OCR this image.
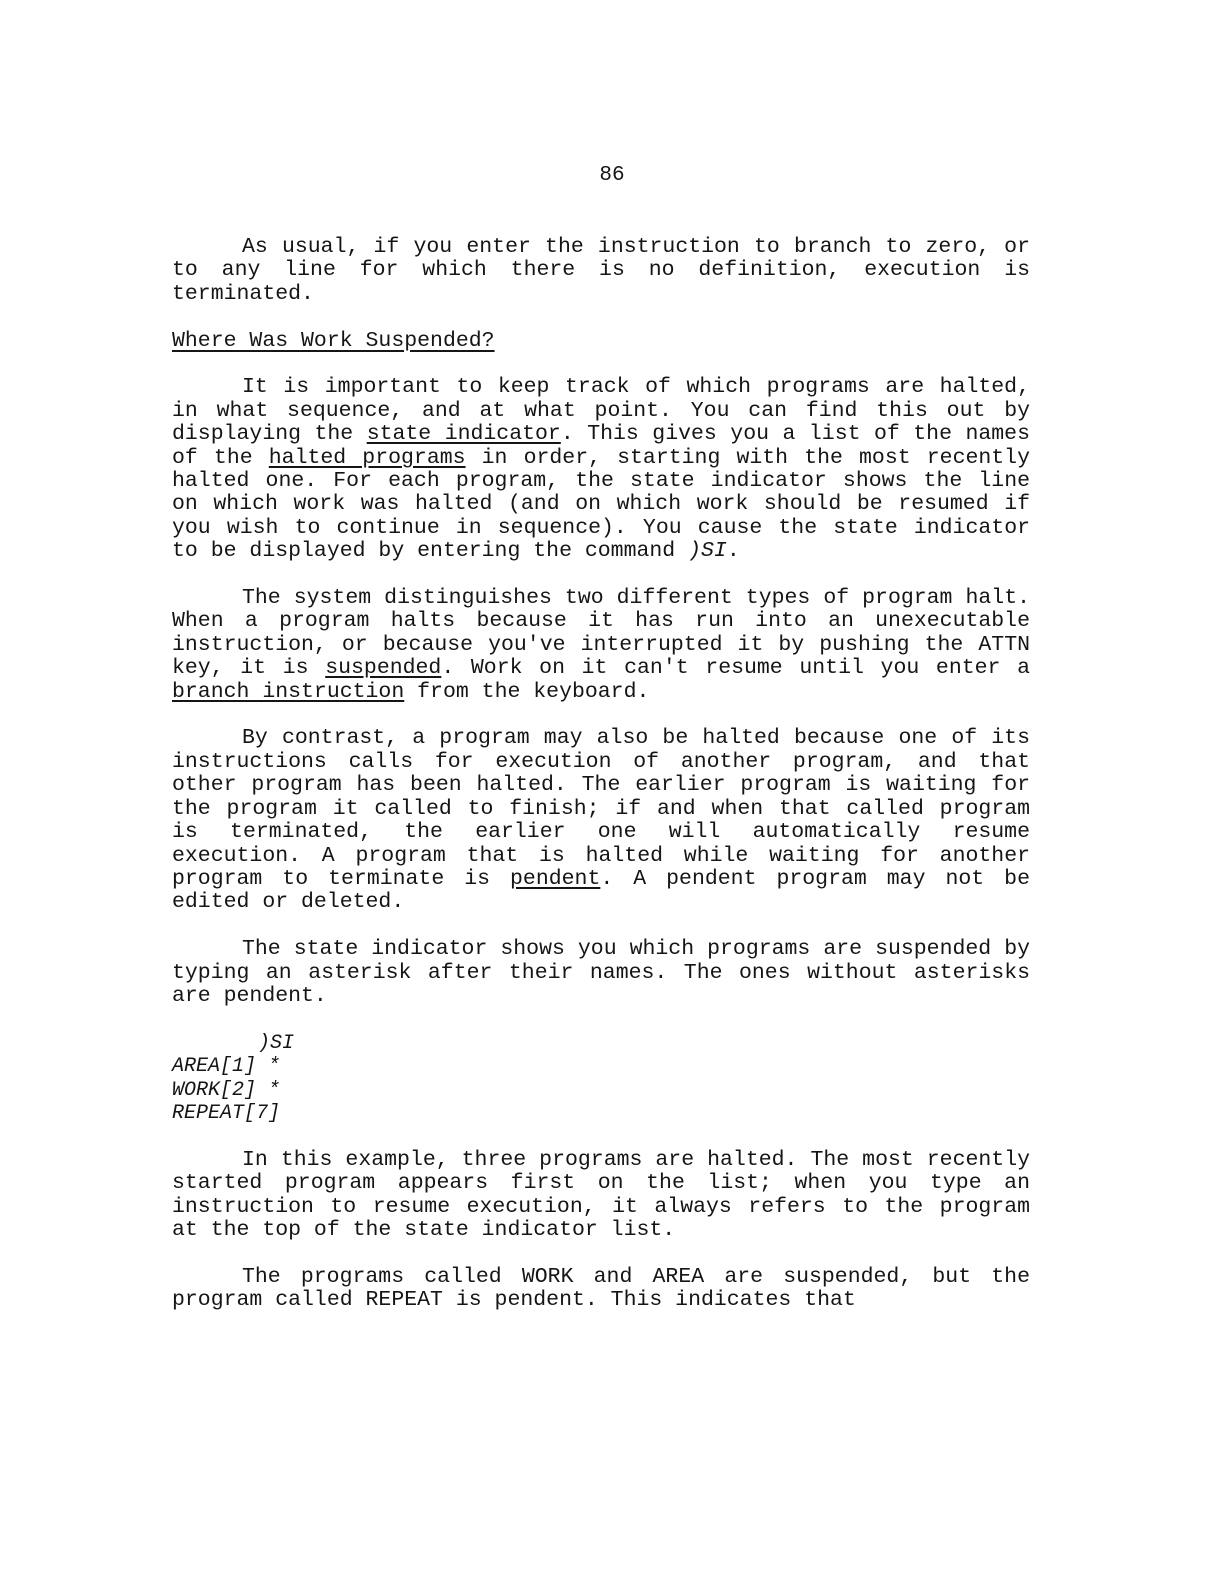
86

As usual, if you enter the instruction to branch to zero, or to any line for which there is no definition, execution is terminated.

Where Was Work Suspended?

It is important to keep track of which programs are halted, in what sequence, and at what point. You can find this out by displaying the state indicator. This gives you a list of the names of the halted programs in order, starting with the most recently halted one. For each program, the state indicator shows the line on which work was halted (and on which work should be resumed if you wish to continue in sequence). You cause the state indicator to be displayed by entering the command )SI.

The system distinguishes two different types of program halt. When a program halts because it has run into an unexecutable instruction, or because you've interrupted it by pushing the ATTN key, it is suspended. Work on it can't resume until you enter a branch instruction from the keyboard.

By contrast, a program may also be halted because one of its instructions calls for execution of another program, and that other program has been halted. The earlier program is waiting for the program it called to finish; if and when that called program is terminated, the earlier one will automatically resume execution. A program that is halted while waiting for another program to terminate is pendent. A pendent program may not be edited or deleted.

The state indicator shows you which programs are suspended by typing an asterisk after their names. The ones without asterisks are pendent.

)SI
AREA[1] *
WORK[2] *
REPEAT[7]

In this example, three programs are halted. The most recently started program appears first on the list; when you type an instruction to resume execution, it always refers to the program at the top of the state indicator list.

The programs called WORK and AREA are suspended, but the program called REPEAT is pendent. This indicates that
